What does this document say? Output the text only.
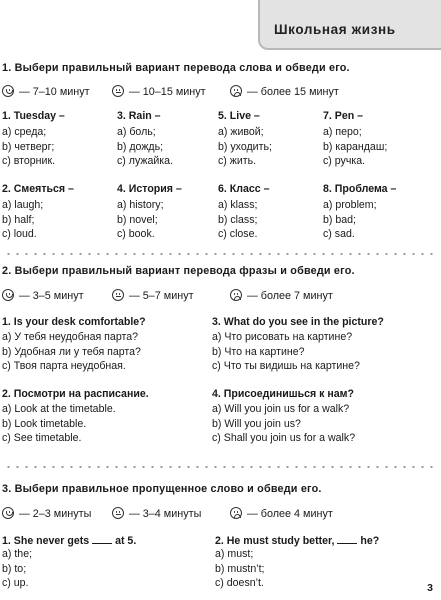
Школьная жизнь
1. Выбери правильный вариант перевода слова и обведи его.
— 7–10 минут	— 10–15 минут	— более 15 минут
1. Tuesday –
a) среда;
b) четверг;
c) вторник.
3. Rain –
a) боль;
b) дождь;
c) лужайка.
5. Live –
a) живой;
b) уходить;
c) жить.
7. Pen –
a) перо;
b) карандаш;
c) ручка.
2. Смеяться –
a) laugh;
b) half;
c) loud.
4. История –
a) history;
b) novel;
c) book.
6. Класс –
a) klass;
b) class;
c) close.
8. Проблема –
a) problem;
b) bad;
c) sad.
2. Выбери правильный вариант перевода фразы и обведи его.
— 3–5 минут	— 5–7 минут	— более 7 минут
1. Is your desk comfortable?
a) У тебя неудобная парта?
b) Удобная ли у тебя парта?
c) Твоя парта неудобная.
3. What do you see in the picture?
a) Что рисовать на картине?
b) Что на картине?
c) Что ты видишь на картине?
2. Посмотри на расписание.
a) Look at the timetable.
b) Look timetable.
c) See timetable.
4. Присоединишься к нам?
a) Will you join us for a walk?
b) Will you join us?
c) Shall you join us for a walk?
3. Выбери правильное пропущенное слово и обведи его.
— 2–3 минуты	— 3–4 минуты	— более 4 минут
1. She never gets at 5.
a) the;
b) to;
c) up.
2. He must study better, he?
a) must;
b) mustn’t;
c) doesn’t.	3
